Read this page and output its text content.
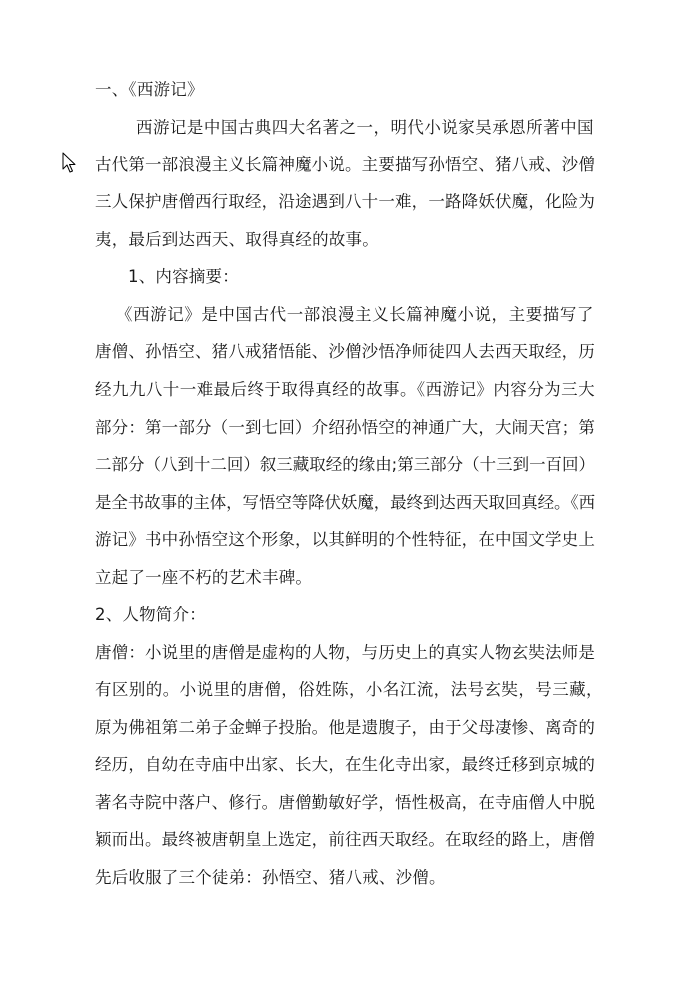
一、《西游记》
西游记是中国古典四大名著之一，明代小说家吴承恩所著中国
古代第一部浪漫主义长篇神魔小说。主要描写孙悟空、猪八戒、沙僧
三人保护唐僧西行取经，沿途遇到八十一难，一路降妖伏魔，化险为
夷，最后到达西天、取得真经的故事。
1、内容摘要：
《西游记》是中国古代一部浪漫主义长篇神魔小说，主要描写了
唐僧、孙悟空、猪八戒猪悟能、沙僧沙悟净师徒四人去西天取经，历
经九九八十一难最后终于取得真经的故事。《西游记》内容分为三大
部分：第一部分（一到七回）介绍孙悟空的神通广大，大闹天宫；第
二部分（八到十二回）叙三藏取经的缘由;第三部分（十三到一百回）
是全书故事的主体，写悟空等降伏妖魔，最终到达西天取回真经。《西
游记》书中孙悟空这个形象，以其鲜明的个性特征，在中国文学史上
立起了一座不朽的艺术丰碑。
2、人物简介：
唐僧：小说里的唐僧是虚构的人物，与历史上的真实人物玄奘法师是
有区别的。小说里的唐僧，俗姓陈，小名江流，法号玄奘，号三藏，
原为佛祖第二弟子金蝉子投胎。他是遗腹子，由于父母凄惨、离奇的
经历，自幼在寺庙中出家、长大，在生化寺出家，最终迁移到京城的
著名寺院中落户、修行。唐僧勤敏好学，悟性极高，在寺庙僧人中脱
颖而出。最终被唐朝皇上选定，前往西天取经。在取经的路上，唐僧
先后收服了三个徒弟：孙悟空、猪八戒、沙僧。
